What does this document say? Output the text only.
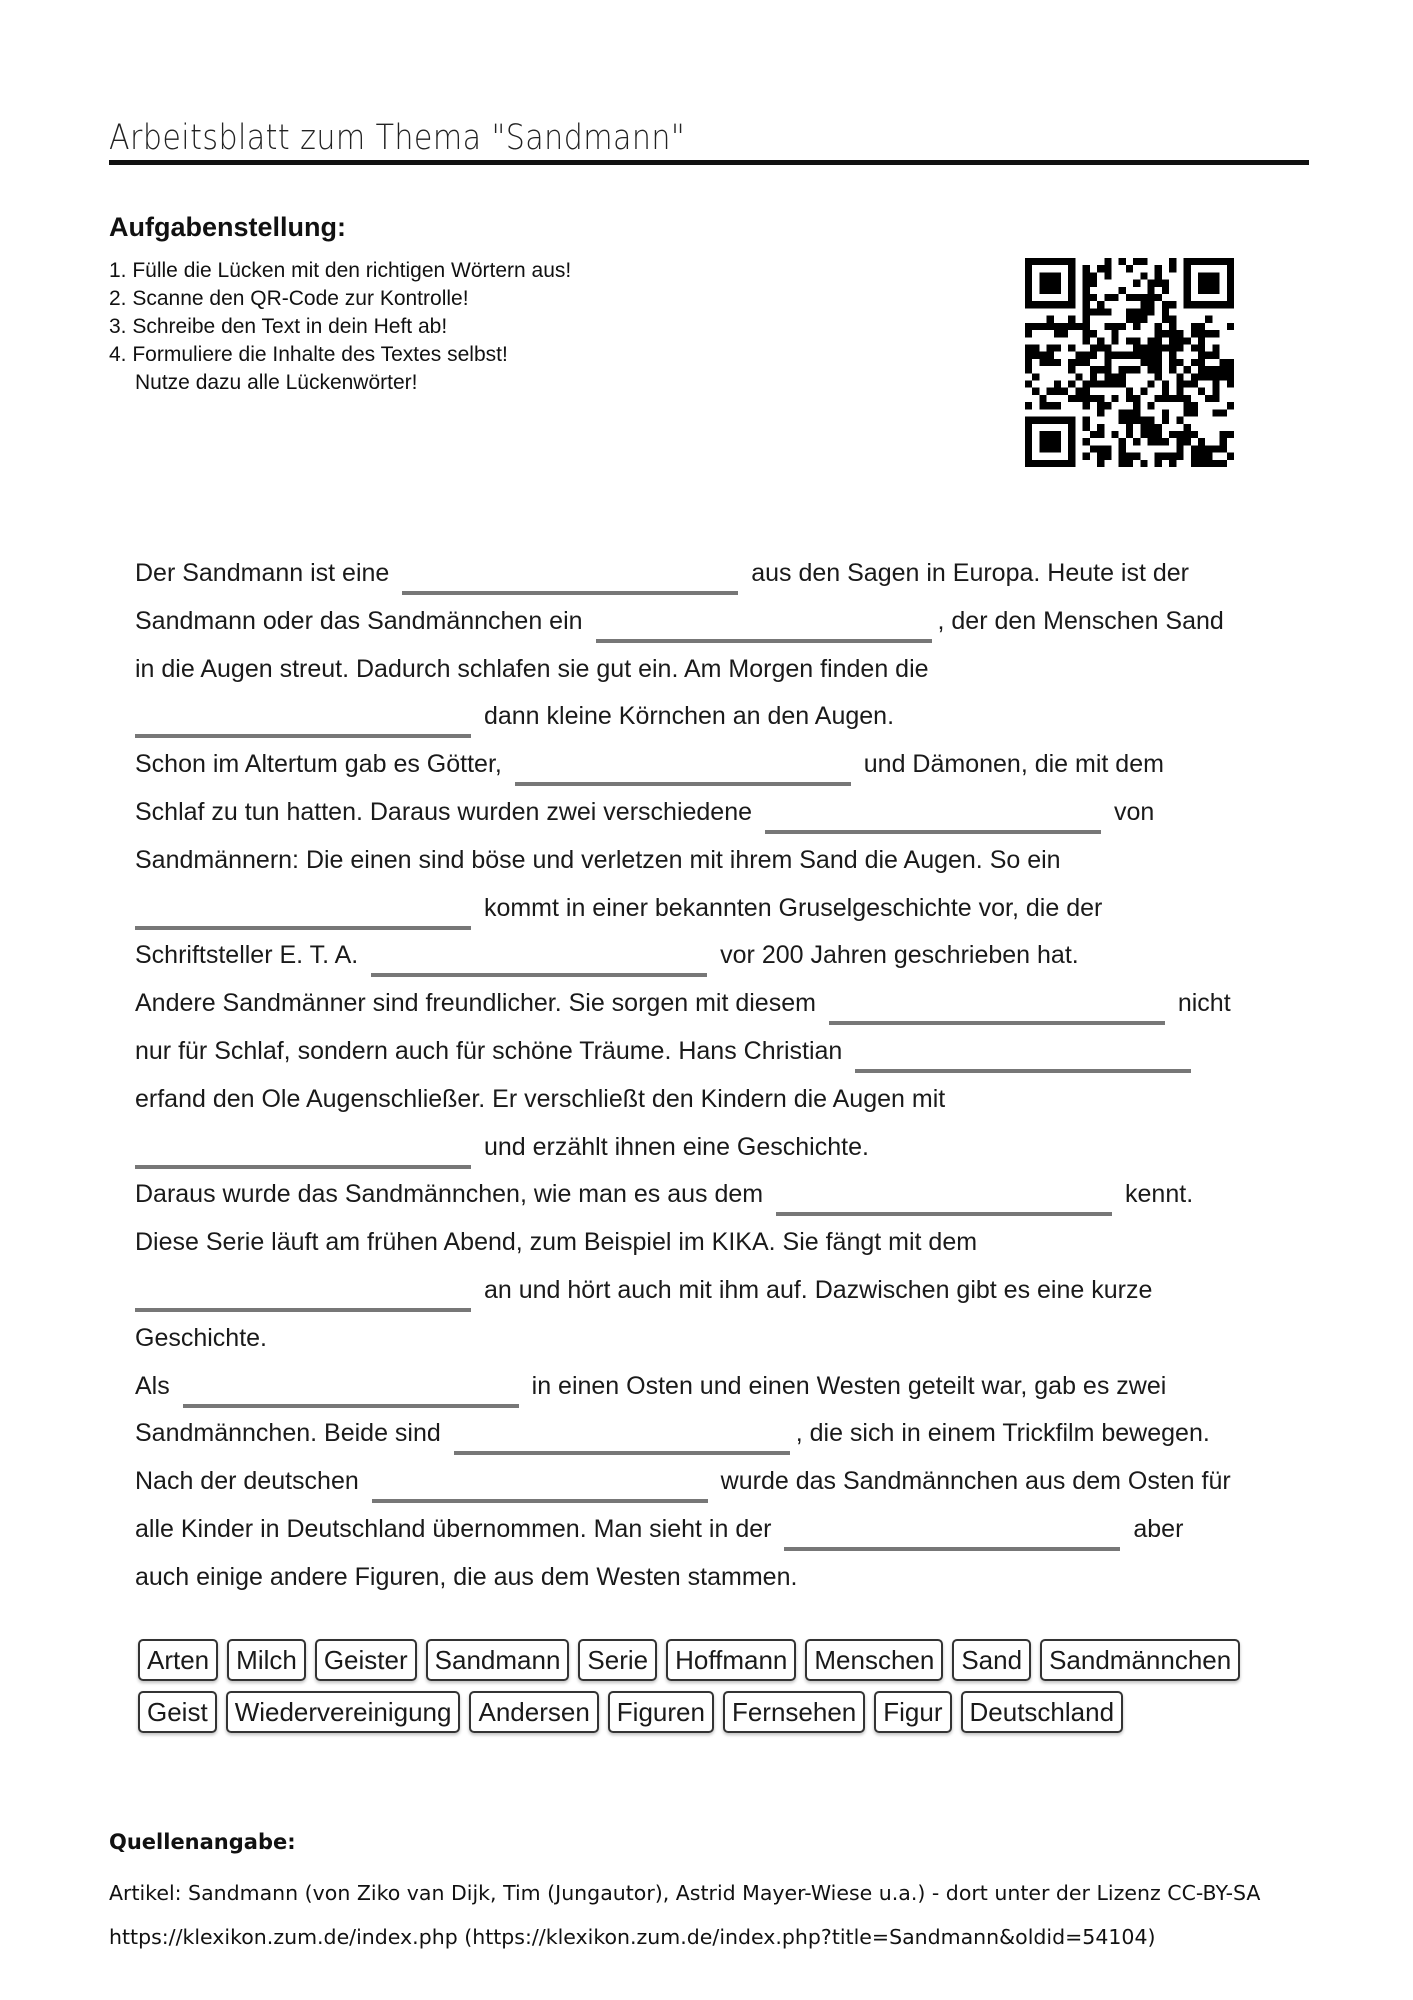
Arbeitsblatt zum Thema "Sandmann"
Aufgabenstellung:
1. Fülle die Lücken mit den richtigen Wörtern aus!
2. Scanne den QR-Code zur Kontrolle!
3. Schreibe den Text in dein Heft ab!
4. Formuliere die Inhalte des Textes selbst!
Nutze dazu alle Lückenwörter!
Der Sandmann ist eine	aus den Sagen in Europa. Heute ist der
Sandmann oder das Sandmännchen ein	, der den Menschen Sand
in die Augen streut. Dadurch schlafen sie gut ein. Am Morgen finden die
dann kleine Körnchen an den Augen.
Schon im Altertum gab es Götter,	und Dämonen, die mit dem
Schlaf zu tun hatten. Daraus wurden zwei verschiedene	von
Sandmännern: Die einen sind böse und verletzen mit ihrem Sand die Augen. So ein
kommt in einer bekannten Gruselgeschichte vor, die der
Schriftsteller E. T. A.	vor 200 Jahren geschrieben hat.
Andere Sandmänner sind freundlicher. Sie sorgen mit diesem	nicht
nur für Schlaf, sondern auch für schöne Träume. Hans Christian
erfand den Ole Augenschließer. Er verschließt den Kindern die Augen mit
und erzählt ihnen eine Geschichte.
Daraus wurde das Sandmännchen, wie man es aus dem	kennt.
Diese Serie läuft am frühen Abend, zum Beispiel im KIKA. Sie fängt mit dem
an und hört auch mit ihm auf. Dazwischen gibt es eine kurze
Geschichte.
Als	in einen Osten und einen Westen geteilt war, gab es zwei
Sandmännchen. Beide sind	, die sich in einem Trickfilm bewegen.
Nach der deutschen	wurde das Sandmännchen aus dem Osten für
alle Kinder in Deutschland übernommen. Man sieht in der	aber
auch einige andere Figuren, die aus dem Westen stammen.
Arten	Milch	Geister	Sandmann	Serie	Hoffmann	Menschen	Sand	Sandmännchen
Geist	Wiedervereinigung	Andersen	Figuren	Fernsehen	Figur	Deutschland
Quellenangabe:
Artikel: Sandmann (von Ziko van Dijk, Tim (Jungautor), Astrid Mayer-Wiese u.a.) - dort unter der Lizenz CC-BY-SA
https://klexikon.zum.de/index.php (https://klexikon.zum.de/index.php?title=Sandmann&oldid=54104)
